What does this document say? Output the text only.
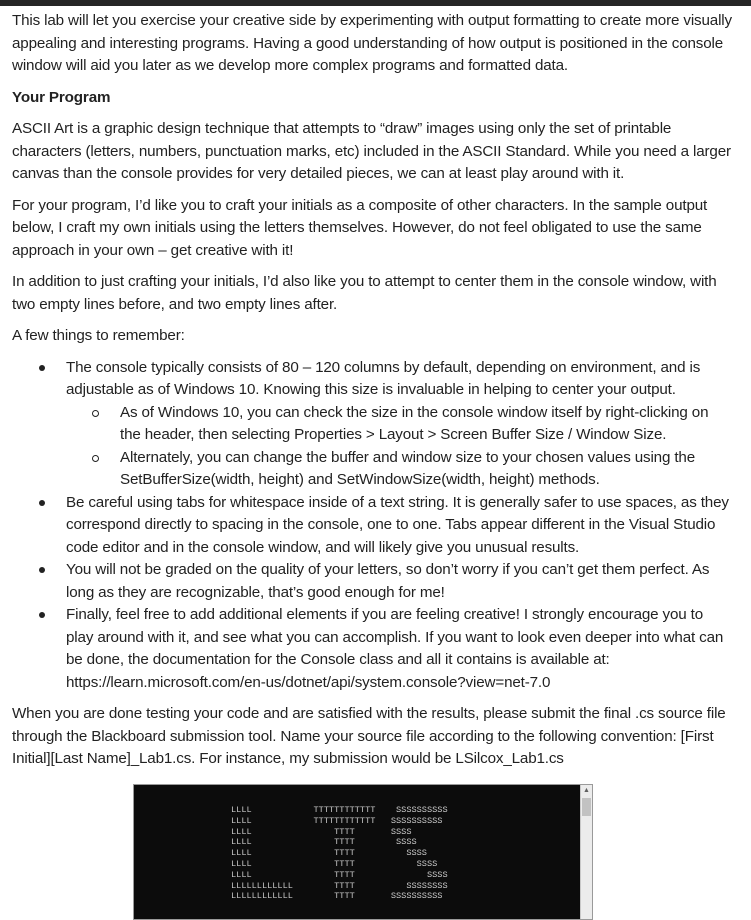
This lab will let you exercise your creative side by experimenting with output formatting to create more visually appealing and interesting programs. Having a good understanding of how output is positioned in the console window will aid you later as we develop more complex programs and formatted data.

Your Program

ASCII Art is a graphic design technique that attempts to “draw” images using only the set of printable characters (letters, numbers, punctuation marks, etc) included in the ASCII Standard. While you need a larger canvas than the console provides for very detailed pieces, we can at least play around with it.

For your program, I’d like you to craft your initials as a composite of other characters. In the sample output below, I craft my own initials using the letters themselves. However, do not feel obligated to use the same approach in your own – get creative with it!

In addition to just crafting your initials, I’d also like you to attempt to center them in the console window, with two empty lines before, and two empty lines after.

A few things to remember:

The console typically consists of 80 – 120 columns by default, depending on environment, and is adjustable as of Windows 10. Knowing this size is invaluable in helping to center your output.
As of Windows 10, you can check the size in the console window itself by right-clicking on the header, then selecting Properties > Layout > Screen Buffer Size / Window Size.
Alternately, you can change the buffer and window size to your chosen values using the SetBufferSize(width, height) and SetWindowSize(width, height) methods.
Be careful using tabs for whitespace inside of a text string. It is generally safer to use spaces, as they correspond directly to spacing in the console, one to one. Tabs appear different in the Visual Studio code editor and in the console window, and will likely give you unusual results.
You will not be graded on the quality of your letters, so don’t worry if you can’t get them perfect. As long as they are recognizable, that’s good enough for me!
Finally, feel free to add additional elements if you are feeling creative! I strongly encourage you to play around with it, and see what you can accomplish. If you want to look even deeper into what can be done, the documentation for the Console class and all it contains is available at: https://learn.microsoft.com/en-us/dotnet/api/system.console?view=net-7.0

When you are done testing your code and are satisfied with the results, please submit the final .cs source file through the Blackboard submission tool. Name your source file according to the following convention: [First Initial][Last Name]_Lab1.cs. For instance, my submission would be LSilcox_Lab1.cs

LLLL            TTTTTTTTTTTT    SSSSSSSSSS
LLLL            TTTTTTTTTTTT   SSSSSSSSSS
LLLL                TTTT       SSSS
LLLL                TTTT        SSSS
LLLL                TTTT          SSSS
LLLL                TTTT            SSSS
LLLL                TTTT              SSSS
LLLLLLLLLLLL        TTTT          SSSSSSSS
LLLLLLLLLLLL        TTTT       SSSSSSSSSS
▲
